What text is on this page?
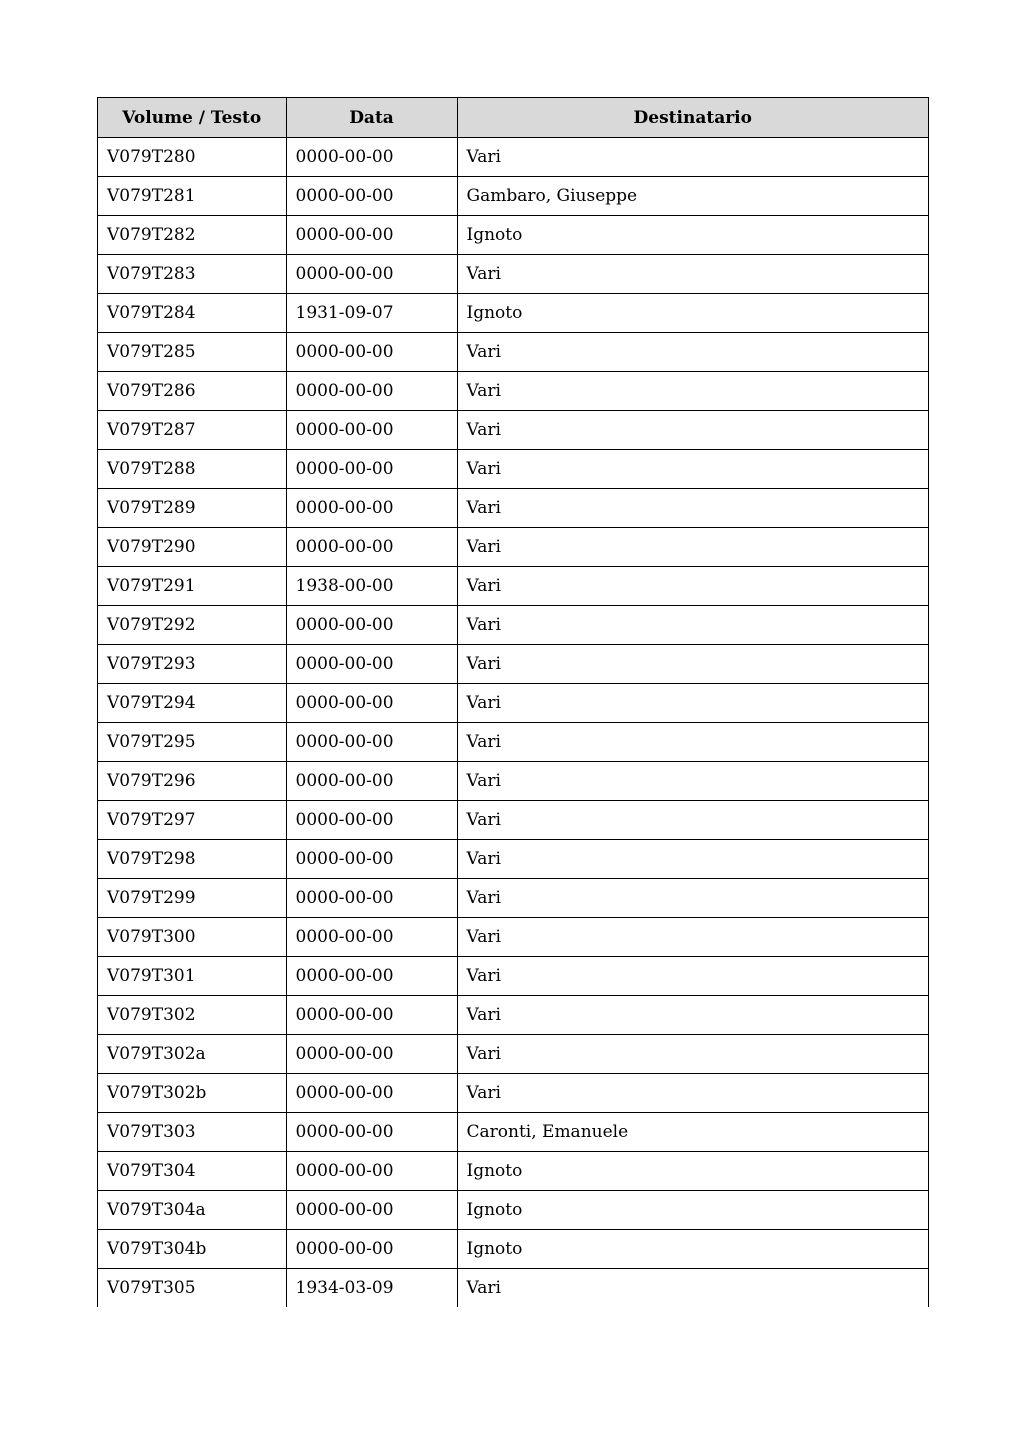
Volume / Testo	Data	Destinatario
V079T280	0000-00-00	Vari
V079T281	0000-00-00	Gambaro, Giuseppe
V079T282	0000-00-00	Ignoto
V079T283	0000-00-00	Vari
V079T284	1931-09-07	Ignoto
V079T285	0000-00-00	Vari
V079T286	0000-00-00	Vari
V079T287	0000-00-00	Vari
V079T288	0000-00-00	Vari
V079T289	0000-00-00	Vari
V079T290	0000-00-00	Vari
V079T291	1938-00-00	Vari
V079T292	0000-00-00	Vari
V079T293	0000-00-00	Vari
V079T294	0000-00-00	Vari
V079T295	0000-00-00	Vari
V079T296	0000-00-00	Vari
V079T297	0000-00-00	Vari
V079T298	0000-00-00	Vari
V079T299	0000-00-00	Vari
V079T300	0000-00-00	Vari
V079T301	0000-00-00	Vari
V079T302	0000-00-00	Vari
V079T302a	0000-00-00	Vari
V079T302b	0000-00-00	Vari
V079T303	0000-00-00	Caronti, Emanuele
V079T304	0000-00-00	Ignoto
V079T304a	0000-00-00	Ignoto
V079T304b	0000-00-00	Ignoto
V079T305	1934-03-09	Vari
